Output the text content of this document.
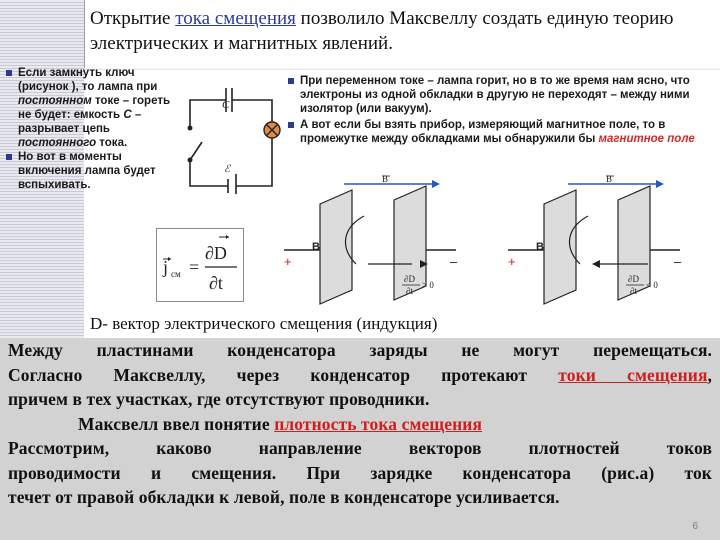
Открытие тока смещения позволило Максвеллу создать единую теорию электрических и магнитных явлений.
Если замкнуть ключ (рисунок ), то лампа при постоянном токе – гореть не будет: емкость С – разрывает цепь постоянного тока.
Но вот в моменты включения лампа будет вспыхивать.
C
ℰ
При переменном токе – лампа горит, но в то же время нам ясно, что электроны из одной обкладки в другую не переходят – между ними изолятор (или вакуум).
А вот если бы взять прибор, измеряющий магнитное поле, то в промежутке между обкладками мы обнаружили бы магнитное поле
j см =
∂D
∂t
B
B
+	–
∂D
∂t
> 0
B
B
+	–
∂D
∂t
< 0
D- вектор электрического смещения (индукция)

Между пластинами конденсатора заряды не могут перемещаться.

Согласно Максвеллу, через конденсатор протекают токи смещения,

причем в тех участках, где отсутствуют проводники.

Максвелл ввел понятие плотность тока смещения

Рассмотрим, каково направление векторов плотностей токов

проводимости и смещения. При зарядке конденсатора (рис.а) ток

течет от правой обкладки к левой, поле в конденсаторе усиливается.

6
